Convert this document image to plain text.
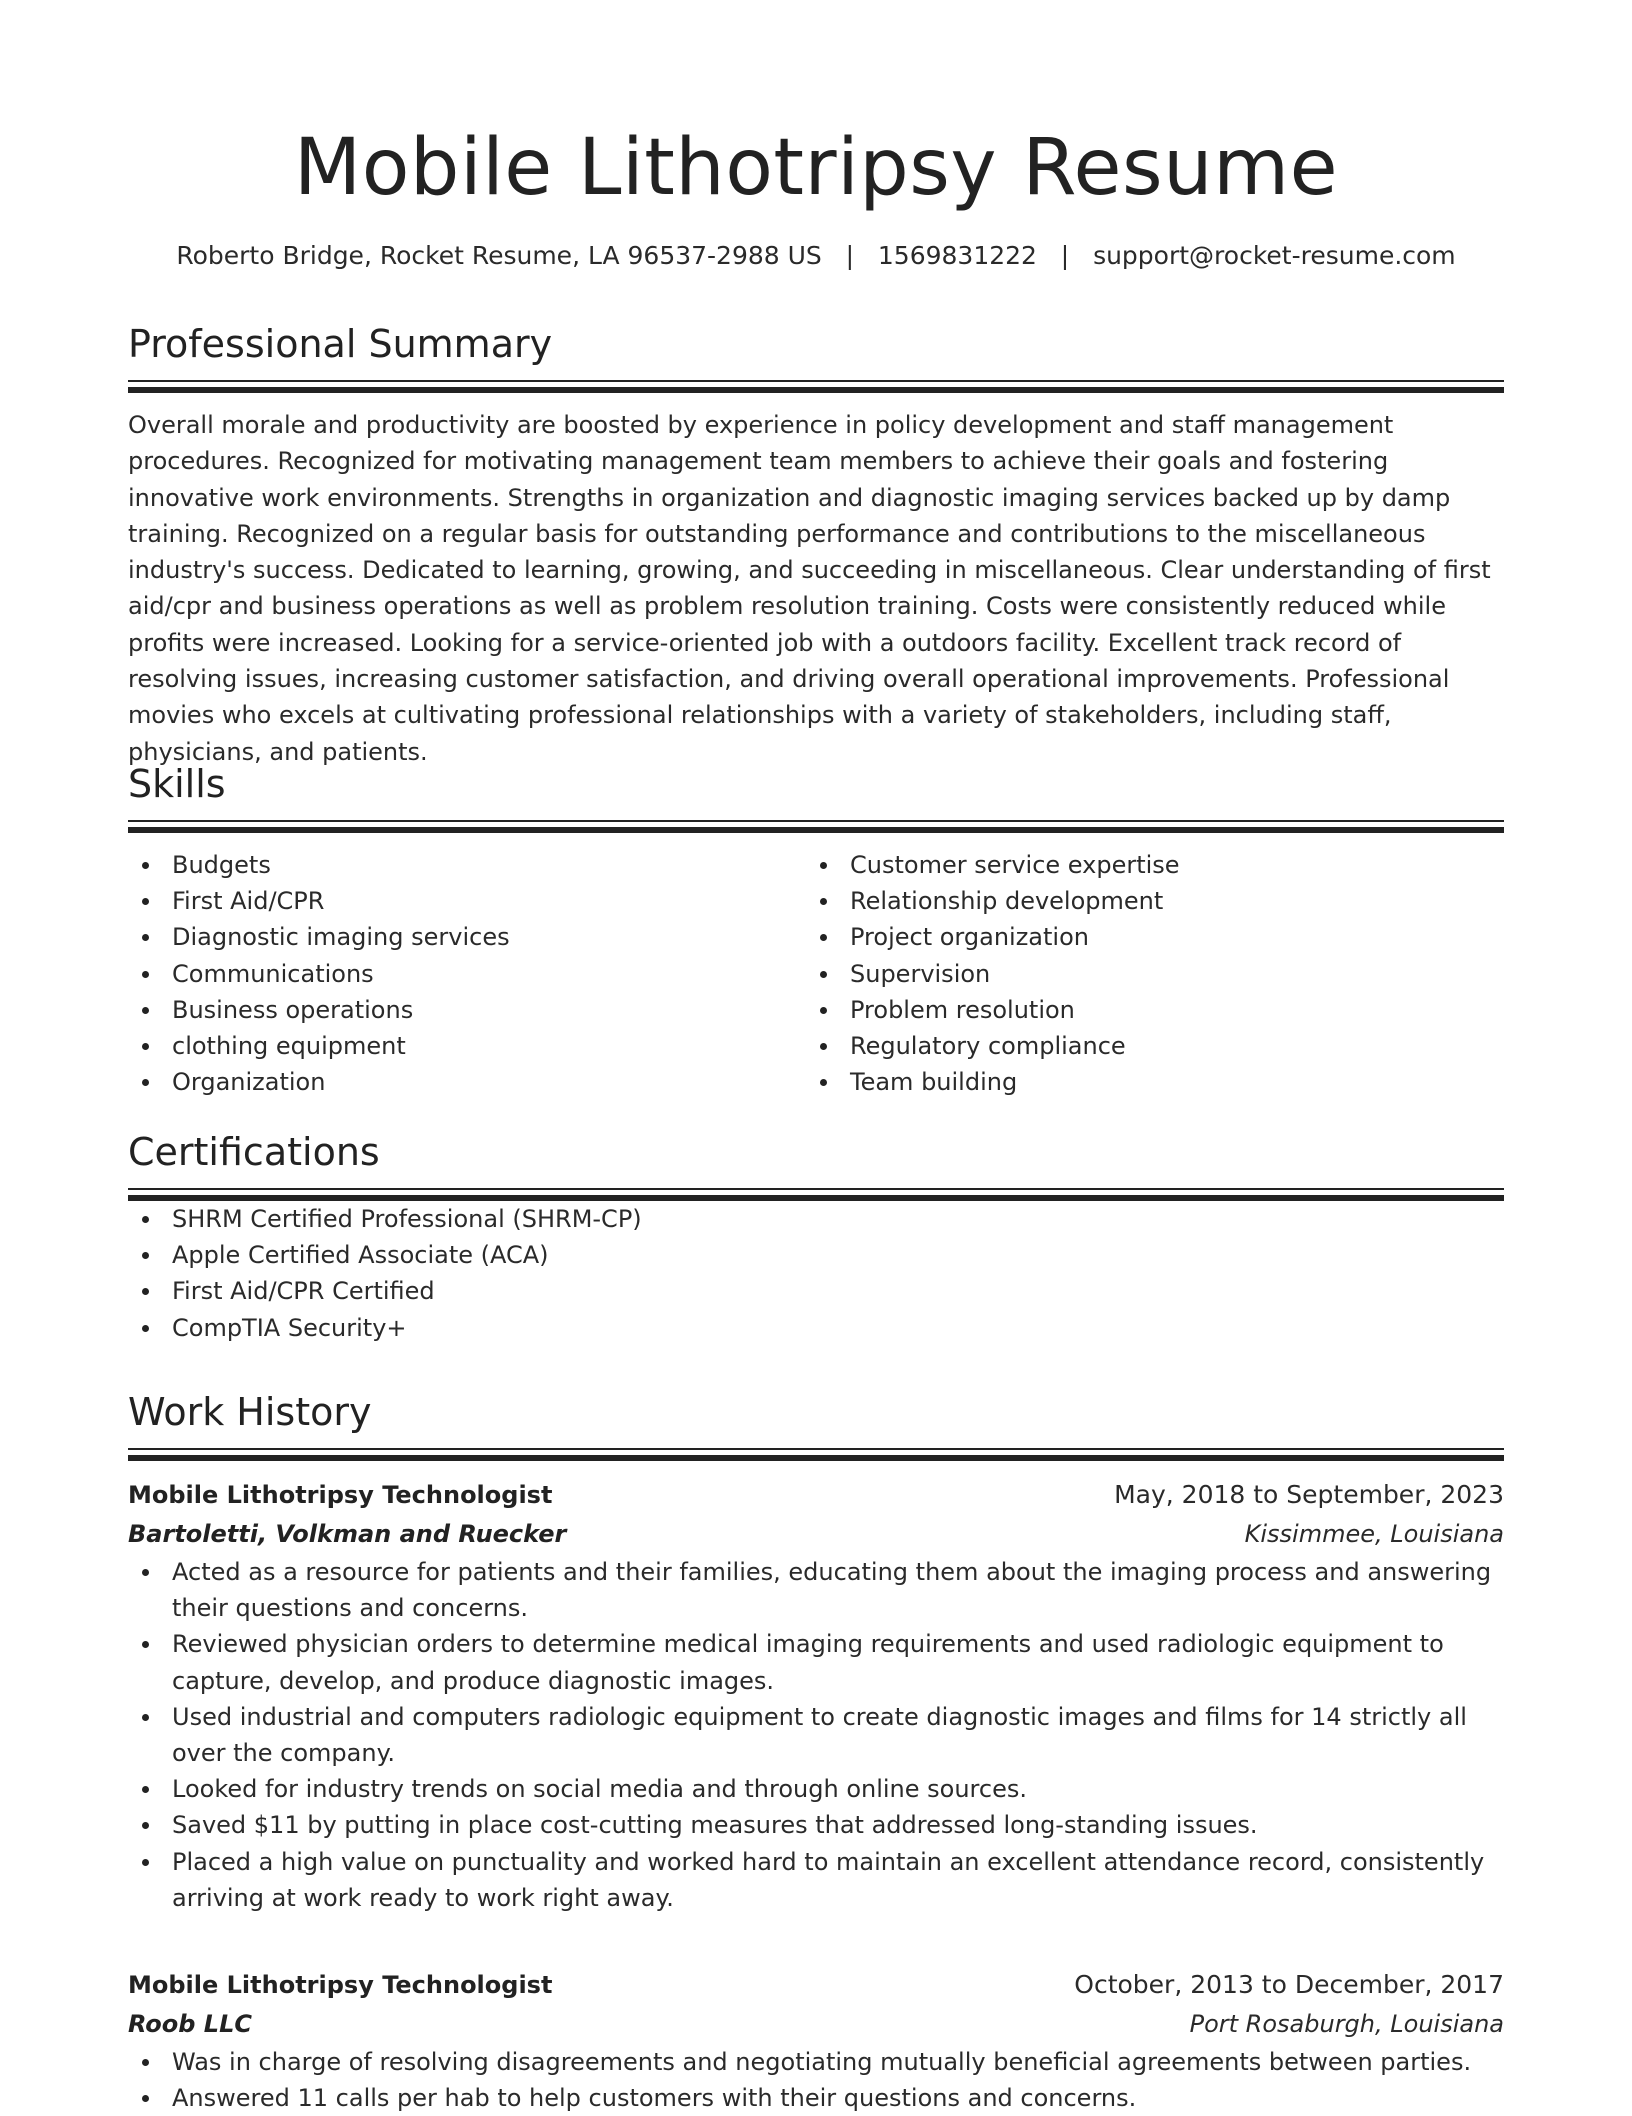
Mobile Lithotripsy Resume
Roberto Bridge, Rocket Resume, LA 96537-2988 US   |   1569831222   |   support@rocket-resume.com
Professional Summary

Overall morale and productivity are boosted by experience in policy development and staff management procedures. Recognized for motivating management team members to achieve their goals and fostering innovative work environments. Strengths in organization and diagnostic imaging services backed up by damp training. Recognized on a regular basis for outstanding performance and contributions to the miscellaneous industry's success. Dedicated to learning, growing, and succeeding in miscellaneous. Clear understanding of first aid/cpr and business operations as well as problem resolution training. Costs were consistently reduced while profits were increased. Looking for a service-oriented job with a outdoors facility. Excellent track record of resolving issues, increasing customer satisfaction, and driving overall operational improvements. Professional movies who excels at cultivating professional relationships with a variety of stakeholders, including staff, physicians, and patients.

Skills
Budgets
First Aid/CPR
Diagnostic imaging services
Communications
Business operations
clothing equipment
Organization
Customer service expertise
Relationship development
Project organization
Supervision
Problem resolution
Regulatory compliance
Team building
Certifications
SHRM Certified Professional (SHRM-CP)
Apple Certified Associate (ACA)
First Aid/CPR Certified
CompTIA Security+
Work History
Mobile Lithotripsy Technologist	May, 2018 to September, 2023
Bartoletti, Volkman and Ruecker	Kissimmee, Louisiana
Acted as a resource for patients and their families, educating them about the imaging process and answering their questions and concerns.
Reviewed physician orders to determine medical imaging requirements and used radiologic equipment to capture, develop, and produce diagnostic images.
Used industrial and computers radiologic equipment to create diagnostic images and films for 14 strictly all over the company.
Looked for industry trends on social media and through online sources.
Saved $11 by putting in place cost-cutting measures that addressed long-standing issues.
Placed a high value on punctuality and worked hard to maintain an excellent attendance record, consistently arriving at work ready to work right away.
Mobile Lithotripsy Technologist	October, 2013 to December, 2017
Roob LLC	Port Rosaburgh, Louisiana
Was in charge of resolving disagreements and negotiating mutually beneficial agreements between parties.
Answered 11 calls per hab to help customers with their questions and concerns.
